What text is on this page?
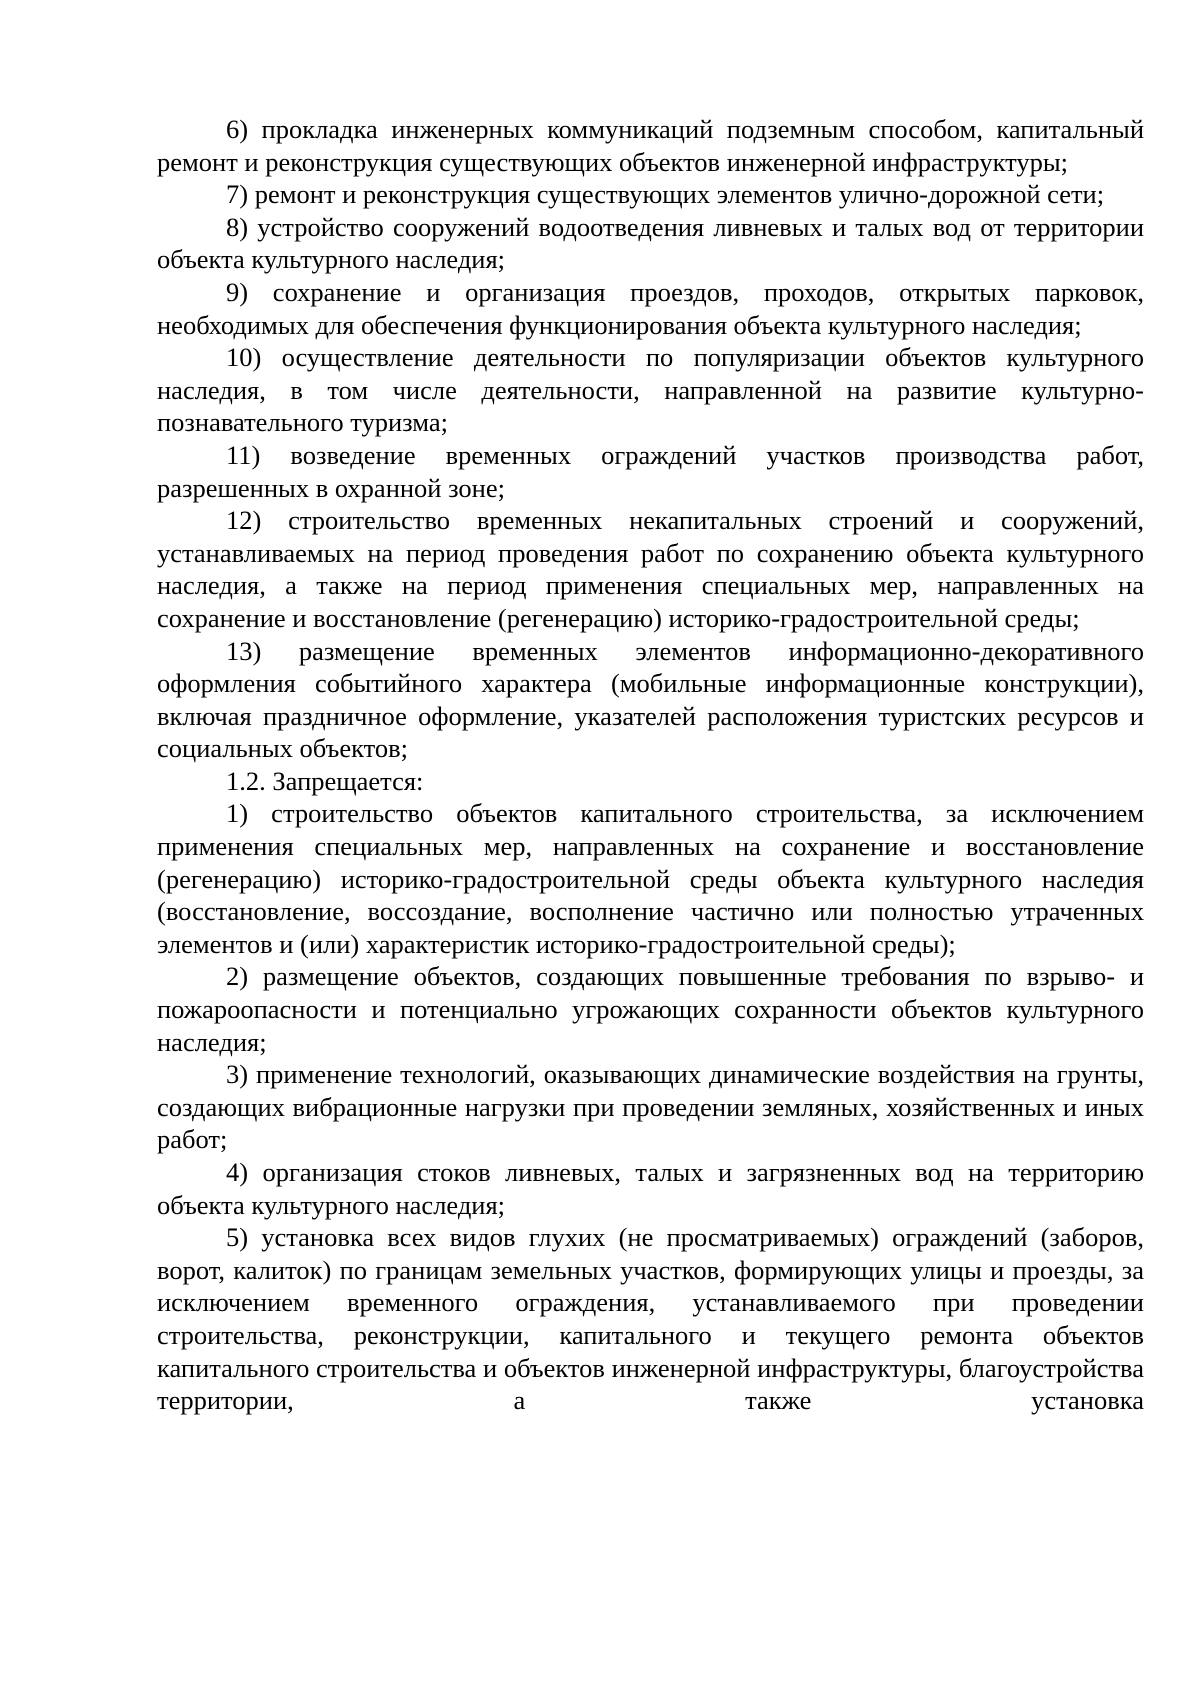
6) прокладка инженерных коммуникаций подземным способом, капитальный ремонт и реконструкция существующих объектов инженерной инфраструктуры;

7) ремонт и реконструкция существующих элементов улично-дорожной сети;

8) устройство сооружений водоотведения ливневых и талых вод от территории объекта культурного наследия;

9) сохранение и организация проездов, проходов, открытых парковок, необходимых для обеспечения функционирования объекта культурного наследия;

10) осуществление деятельности по популяризации объектов культурного наследия, в том числе деятельности, направленной на развитие культурно-познавательного туризма;

11) возведение временных ограждений участков производства работ, разрешенных в охранной зоне;

12) строительство временных некапитальных строений и сооружений, устанавливаемых на период проведения работ по сохранению объекта культурного наследия, а также на период применения специальных мер, направленных на сохранение и восстановление (регенерацию) историко-градостроительной среды;

13) размещение временных элементов информационно-декоративного оформления событийного характера (мобильные информационные конструкции), включая праздничное оформление, указателей расположения туристских ресурсов и социальных объектов;

1.2. Запрещается:

1) строительство объектов капитального строительства, за исключением применения специальных мер, направленных на сохранение и восстановление (регенерацию) историко-градостроительной среды объекта культурного наследия (восстановление, воссоздание, восполнение частично или полностью утраченных элементов и (или) характеристик историко-градостроительной среды);

2) размещение объектов, создающих повышенные требования по взрыво- и пожароопасности и потенциально угрожающих сохранности объектов культурного наследия;

3) применение технологий, оказывающих динамические воздействия на грунты, создающих вибрационные нагрузки при проведении земляных, хозяйственных и иных работ;

4) организация стоков ливневых, талых и загрязненных вод на территорию объекта культурного наследия;

5) установка всех видов глухих (не просматриваемых) ограждений (заборов, ворот, калиток) по границам земельных участков, формирующих улицы и проезды, за исключением временного ограждения, устанавливаемого при проведении строительства, реконструкции, капитального и текущего ремонта объектов капитального строительства и объектов инженерной инфраструктуры, благоустройства территории, а также установка
